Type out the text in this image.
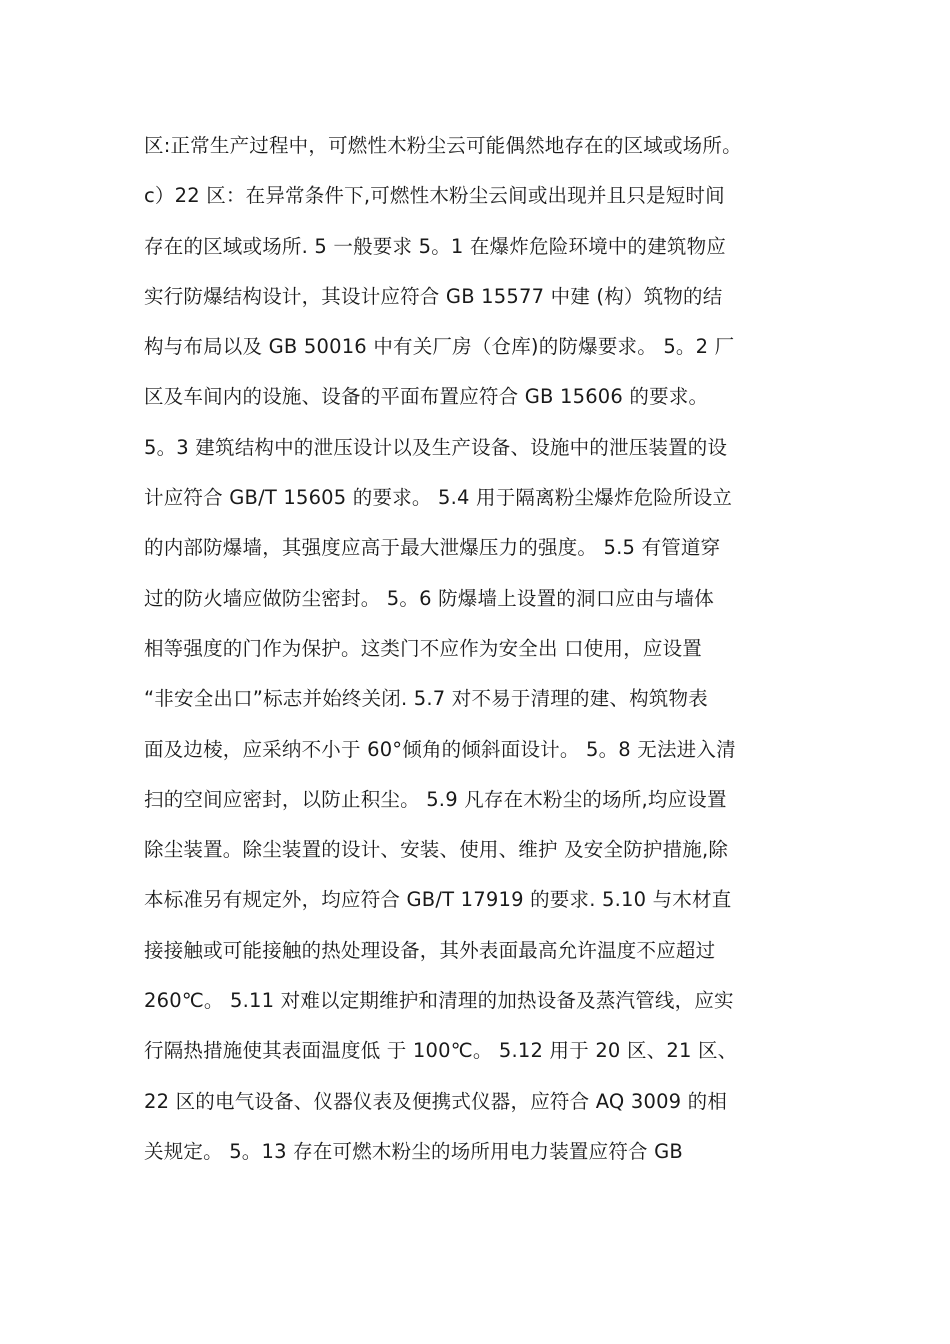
区:正常生产过程中，可燃性木粉尘云可能偶然地存在的区域或场所。
c）22 区：在异常条件下,可燃性木粉尘云间或出现并且只是短时间
存在的区域或场所. 5 一般要求 5。1 在爆炸危险环境中的建筑物应
实行防爆结构设计，其设计应符合 GB 15577 中建 (构）筑物的结
构与布局以及 GB 50016 中有关厂房（仓库)的防爆要求。 5。2 厂
区及车间内的设施、设备的平面布置应符合 GB 15606 的要求。
5。3 建筑结构中的泄压设计以及生产设备、设施中的泄压装置的设
计应符合 GB/T 15605 的要求。 5.4 用于隔离粉尘爆炸危险所设立
的内部防爆墙，其强度应高于最大泄爆压力的强度。 5.5 有管道穿
过的防火墙应做防尘密封。 5。6 防爆墙上设置的洞口应由与墙体
相等强度的门作为保护。这类门不应作为安全出 口使用，应设置
“非安全出口”标志并始终关闭. 5.7 对不易于清理的建、构筑物表
面及边棱，应采纳不小于 60°倾角的倾斜面设计。 5。8 无法进入清
扫的空间应密封，以防止积尘。 5.9 凡存在木粉尘的场所,均应设置
除尘装置。除尘装置的设计、安装、使用、维护 及安全防护措施,除
本标准另有规定外，均应符合 GB/T 17919 的要求. 5.10 与木材直
接接触或可能接触的热处理设备，其外表面最高允许温度不应超过
260℃。 5.11 对难以定期维护和清理的加热设备及蒸汽管线，应实
行隔热措施使其表面温度低 于 100℃。 5.12 用于 20 区、21 区、
22 区的电气设备、仪器仪表及便携式仪器，应符合 AQ 3009 的相
关规定。 5。13 存在可燃木粉尘的场所用电力装置应符合 GB
